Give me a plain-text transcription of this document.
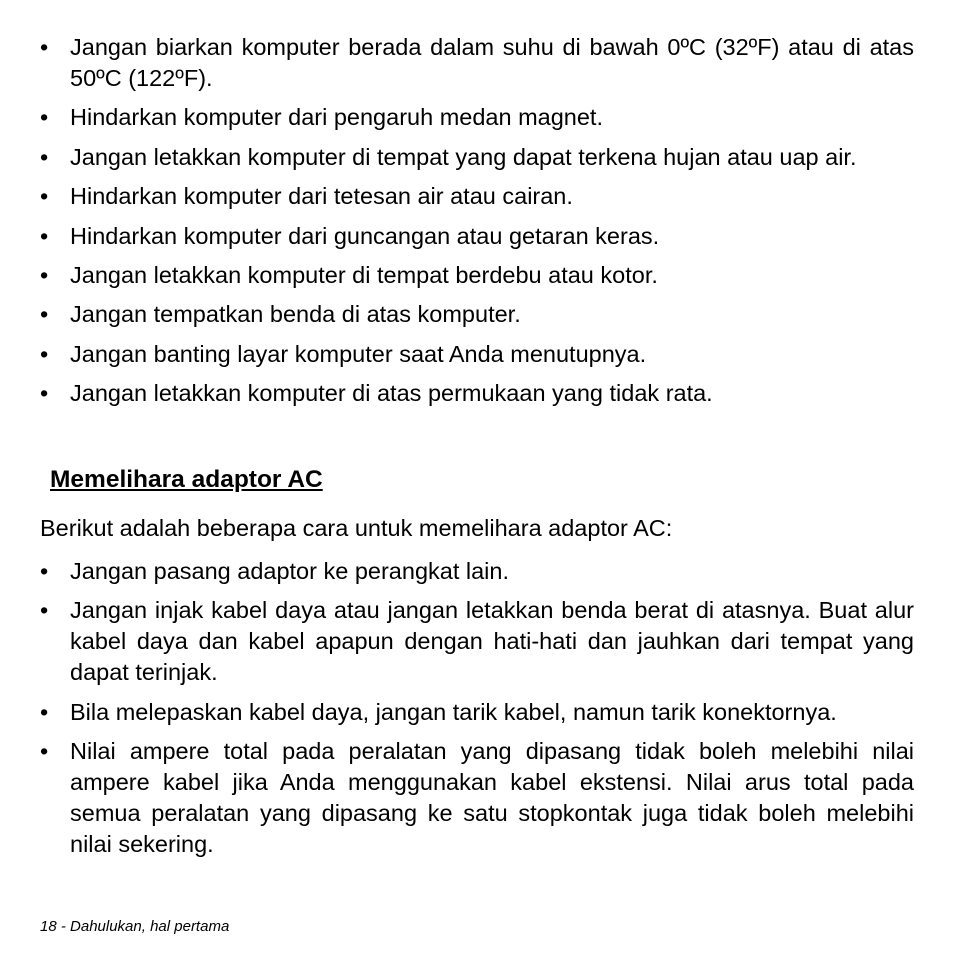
• Jangan biarkan komputer berada dalam suhu di bawah 0ºC (32ºF) atau di atas 50ºC (122ºF).
• Hindarkan komputer dari pengaruh medan magnet.
• Jangan letakkan komputer di tempat yang dapat terkena hujan atau uap air.
• Hindarkan komputer dari tetesan air atau cairan.
• Hindarkan komputer dari guncangan atau getaran keras.
• Jangan letakkan komputer di tempat berdebu atau kotor.
• Jangan tempatkan benda di atas komputer.
• Jangan banting layar komputer saat Anda menutupnya.
• Jangan letakkan komputer di atas permukaan yang tidak rata.
Memelihara adaptor AC
Berikut adalah beberapa cara untuk memelihara adaptor AC:
• Jangan pasang adaptor ke perangkat lain.
• Jangan injak kabel daya atau jangan letakkan benda berat di atasnya. Buat alur kabel daya dan kabel apapun dengan hati-hati dan jauhkan dari tempat yang dapat terinjak.
• Bila melepaskan kabel daya, jangan tarik kabel, namun tarik konektornya.
• Nilai ampere total pada peralatan yang dipasang tidak boleh melebihi nilai ampere kabel jika Anda menggunakan kabel ekstensi. Nilai arus total pada semua peralatan yang dipasang ke satu stopkontak juga tidak boleh melebihi nilai sekering.
18 - Dahulukan, hal pertama
